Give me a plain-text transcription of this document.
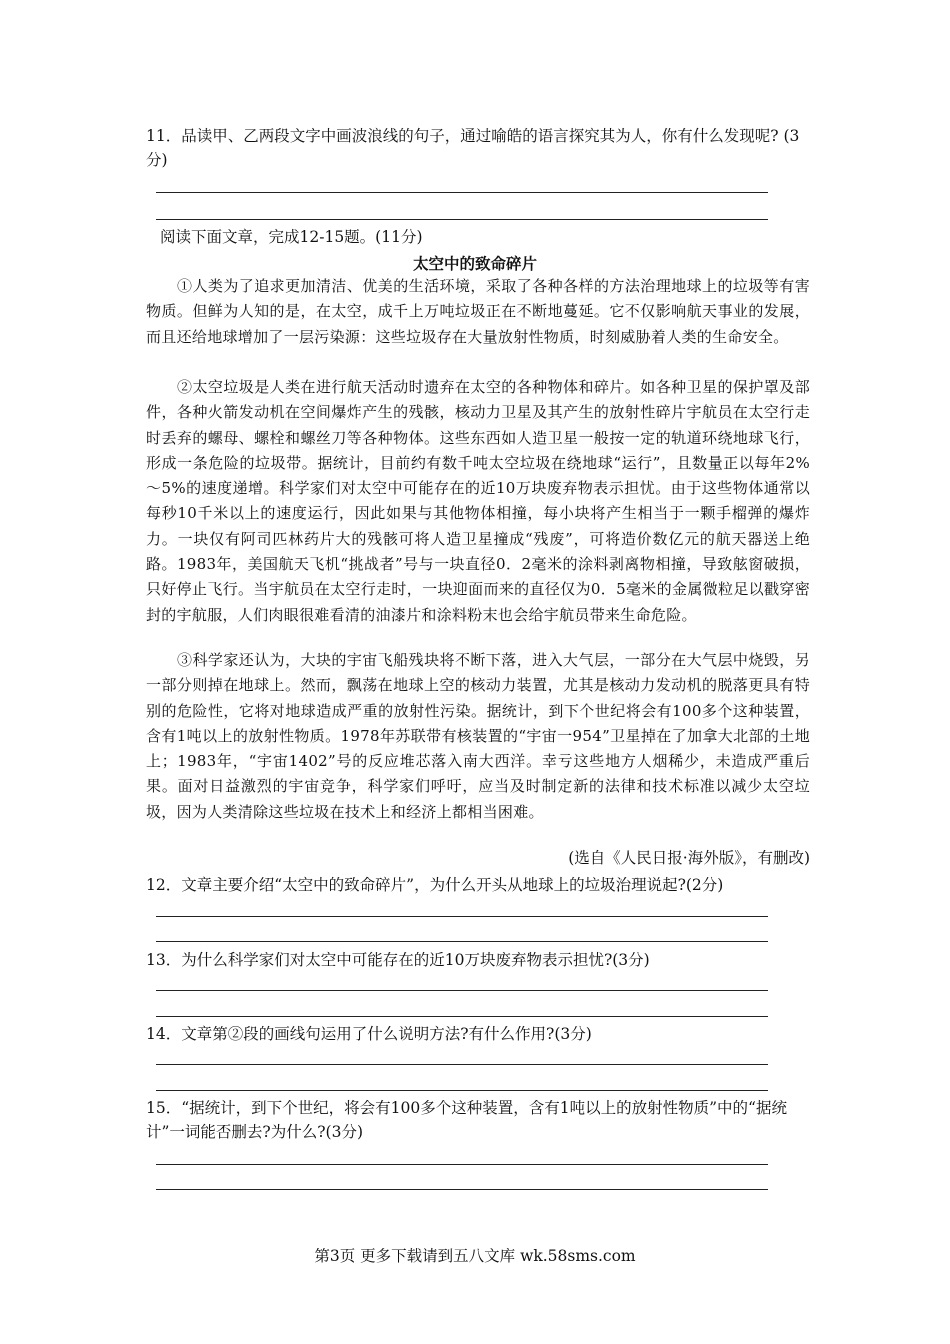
11．品读甲、乙两段文字中画波浪线的句子，通过喻皓的语言探究其为人，你有什么发现呢? (3分)
阅读下面文章，完成12-15题。(11分)
太空中的致命碎片
①人类为了追求更加清洁、优美的生活环境，采取了各种各样的方法治理地球上的垃圾等有害物质。但鲜为人知的是，在太空，成千上万吨垃圾正在不断地蔓延。它不仅影响航天事业的发展，而且还给地球增加了一层污染源：这些垃圾存在大量放射性物质，时刻威胁着人类的生命安全。
②太空垃圾是人类在进行航天活动时遗弃在太空的各种物体和碎片。如各种卫星的保护罩及部件，各种火箭发动机在空间爆炸产生的残骸，核动力卫星及其产生的放射性碎片宇航员在太空行走时丢弃的螺母、螺栓和螺丝刀等各种物体。这些东西如人造卫星一般按一定的轨道环绕地球飞行，形成一条危险的垃圾带。据统计，目前约有数千吨太空垃圾在绕地球“运行”，且数量正以每年2%～5%的速度递增。科学家们对太空中可能存在的近10万块废弃物表示担忧。由于这些物体通常以每秒10千米以上的速度运行，因此如果与其他物体相撞，每小块将产生相当于一颗手榴弹的爆炸力。一块仅有阿司匹林药片大的残骸可将人造卫星撞成“残废”，可将造价数亿元的航天器送上绝路。1983年，美国航天飞机“挑战者”号与一块直径0．2毫米的涂料剥离物相撞，导致舷窗破损，只好停止飞行。当宇航员在太空行走时，一块迎面而来的直径仅为0．5毫米的金属微粒足以戳穿密封的宇航服，人们肉眼很难看清的油漆片和涂料粉末也会给宇航员带来生命危险。
③科学家还认为，大块的宇宙飞船残块将不断下落，进入大气层，一部分在大气层中烧毁，另一部分则掉在地球上。然而，飘荡在地球上空的核动力装置，尤其是核动力发动机的脱落更具有特别的危险性，它将对地球造成严重的放射性污染。据统计，到下个世纪将会有100多个这种装置，含有1吨以上的放射性物质。1978年苏联带有核装置的“宇宙一954”卫星掉在了加拿大北部的土地上；1983年，“宇宙1402”号的反应堆芯落入南大西洋。幸亏这些地方人烟稀少，未造成严重后果。面对日益激烈的宇宙竞争，科学家们呼吁，应当及时制定新的法律和技术标准以减少太空垃圾，因为人类清除这些垃圾在技术上和经济上都相当困难。
(选自《人民日报·海外版》，有删改)
12．文章主要介绍“太空中的致命碎片”，为什么开头从地球上的垃圾治理说起?(2分)
13．为什么科学家们对太空中可能存在的近10万块废弃物表示担忧?(3分)
14．文章第②段的画线句运用了什么说明方法?有什么作用?(3分)
15．“据统计，到下个世纪，将会有100多个这种装置，含有1吨以上的放射性物质”中的“据统计”一词能否删去?为什么?(3分)
第3页 更多下载请到五八文库 wk.58sms.com
